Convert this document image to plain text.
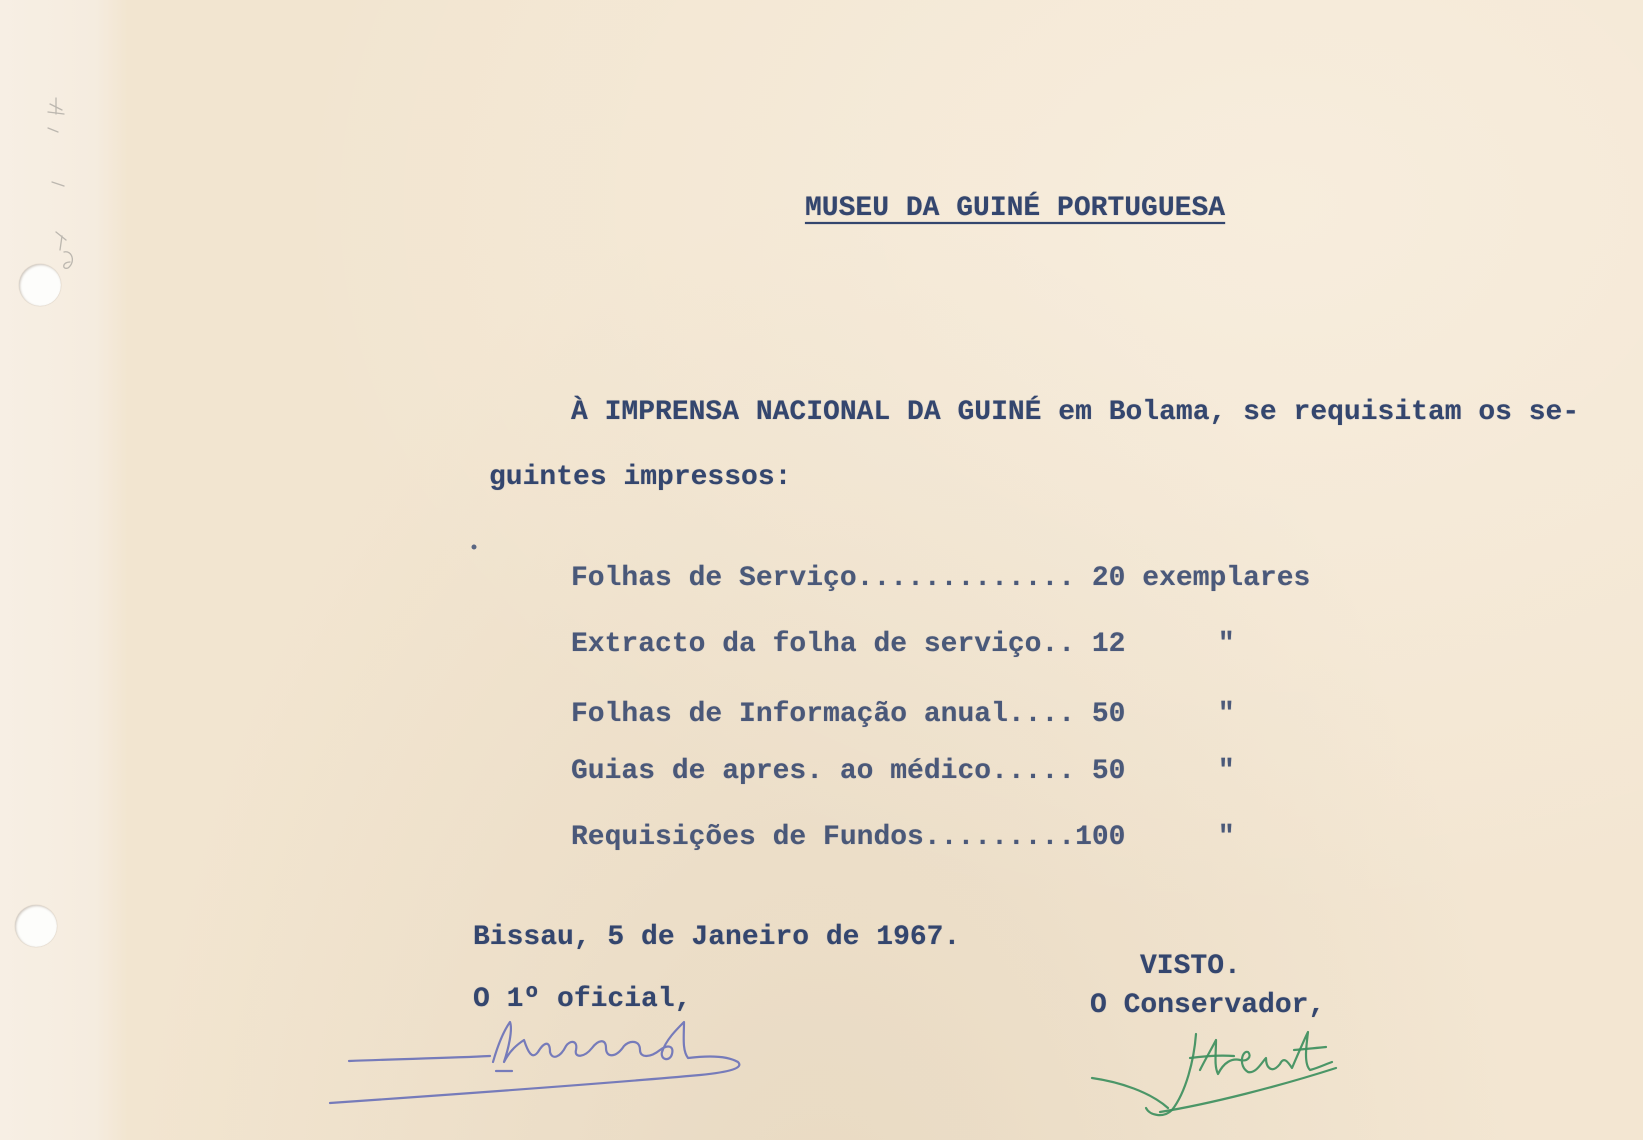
MUSEU DA GUINÉ PORTUGUESA
À IMPRENSA NACIONAL DA GUINÉ em Bolama, se requisitam os se-
guintes impressos:
Folhas de Serviço............. 20 exemplares
Extracto da folha de serviço.. 12	"
Folhas de Informação anual.... 50	"
Guias de apres. ao médico..... 50	"
Requisições de Fundos......... 100	"
Bissau, 5 de Janeiro de 1967.
VISTO.
O 1º oficial,	O Conservador,
